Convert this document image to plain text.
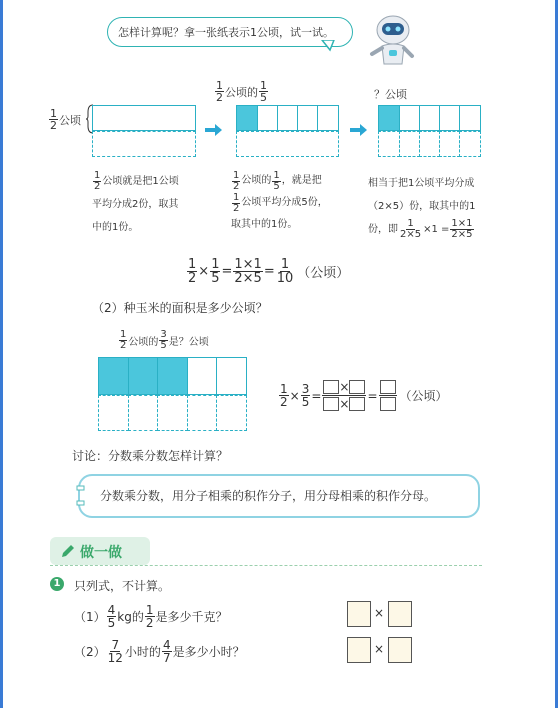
怎样计算呢？拿一张纸表示1公顷，试一试。
$\frac{1}{2}$ 公顷
$\frac{1}{2}$ 公顷的 $\frac{1}{5}$	？公顷
$\frac{1}{2}$ 公顷就是把1公顷
平均分成2份，取其
中的1份。
$\frac{1}{2}$ 公顷的 $\frac{1}{5}$ ，就是把
$\frac{1}{2}$ 公顷平均分成5份，
取其中的1份。
相当于把1公顷平均分成
（2×5）份，取其中的1
份，即 $\frac{1}{2\times 5} \times 1 = \frac{1\times 1}{2\times 5}$
$\frac{1}{2} \times \frac{1}{5} = \frac{1\times 1}{2\times 5} = \frac{1}{10}$ （公顷）
（2）种玉米的面积是多少公顷？
$\frac{1}{2}$ 公顷的 $\frac{3}{5}$ 是？公顷
$\frac{1}{2} \times \frac{3}{5} = \frac{\times}{\times}$ = （公顷）
讨论：分数乘分数怎样计算？
分数乘分数，用分子相乘的积作分子，用分母相乘的积作分母。
做一做
1 只列式，不计算。
$(1) \frac{4}{5}$ kg的 $\frac{1}{2}$ 是多少千克？	×
$(2) \frac{7}{12}$ 小时的 $\frac{4}{7}$ 是多少小时？	×
